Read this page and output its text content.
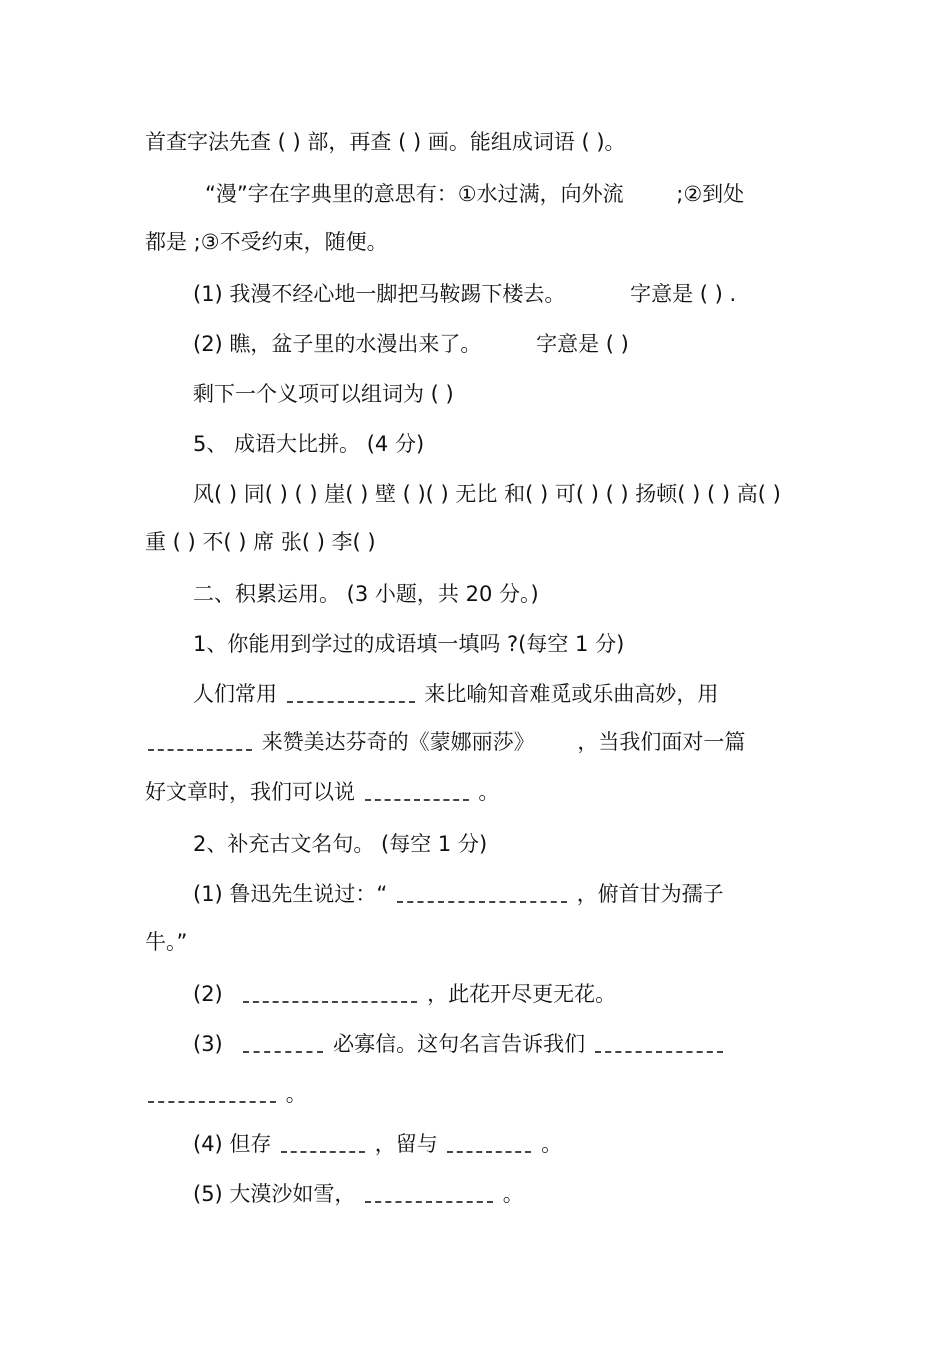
首查字法先查 ( ) 部，再查 ( ) 画。能组成词语 ( )。
“漫”字在字典里的意思有：①水过满，向外流	;②到处
都是 ;③不受约束，随便。
(1) 我漫不经心地一脚把马鞍踢下楼去。	字意是 ( ) .
(2) 瞧，盆子里的水漫出来了。	字意是 ( )
剩下一个义项可以组词为 ( )
5、 成语大比拼。 (4 分)
风( ) 同( ) ( ) 崖( ) 壁 ( )( ) 无比 和( ) 可( ) ( ) 扬顿( ) ( ) 高( )
重 ( ) 不( ) 席 张( ) 李( )
二、积累运用。 (3 小题，共 20 分。)
1、你能用到学过的成语填一填吗 ?(每空 1 分)
人们常用	来比喻知音难觅或乐曲高妙，用
来赞美达芬奇的《蒙娜丽莎》 ，当我们面对一篇
好文章时，我们可以说	。
2、补充古文名句。 (每空 1 分)
(1) 鲁迅先生说过：“	，俯首甘为孺子
牛。”
(2)	，此花开尽更无花。
(3)	必寡信。这句名言告诉我们
。
(4) 但存	，留与	。
(5) 大漠沙如雪，	。
